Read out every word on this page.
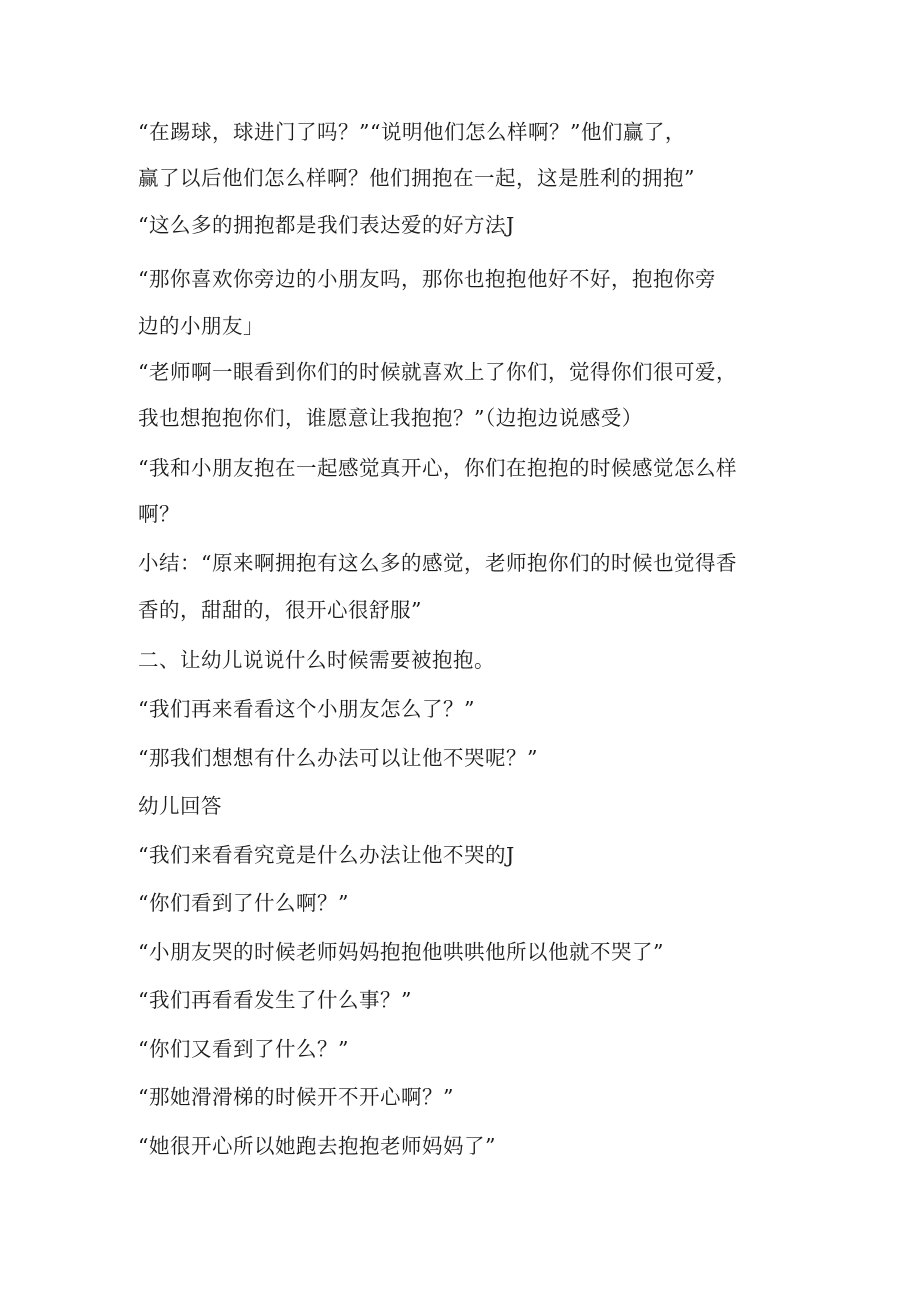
“在踢球，球进门了吗？”“说明他们怎么样啊？”他们赢了，
赢了以后他们怎么样啊？他们拥抱在一起，这是胜利的拥抱”
“这么多的拥抱都是我们表达爱的好方法J
“那你喜欢你旁边的小朋友吗，那你也抱抱他好不好，抱抱你旁
边的小朋友」
“老师啊一眼看到你们的时候就喜欢上了你们，觉得你们很可爱，
我也想抱抱你们，谁愿意让我抱抱？”（边抱边说感受）
“我和小朋友抱在一起感觉真开心，你们在抱抱的时候感觉怎么样
啊？
小结：“原来啊拥抱有这么多的感觉，老师抱你们的时候也觉得香
香的，甜甜的，很开心很舒服”
二、让幼儿说说什么时候需要被抱抱。
“我们再来看看这个小朋友怎么了？”
“那我们想想有什么办法可以让他不哭呢？”
幼儿回答
“我们来看看究竟是什么办法让他不哭的J
“你们看到了什么啊？”
“小朋友哭的时候老师妈妈抱抱他哄哄他所以他就不哭了”
“我们再看看发生了什么事？”
“你们又看到了什么？”
“那她滑滑梯的时候开不开心啊？”
“她很开心所以她跑去抱抱老师妈妈了”
